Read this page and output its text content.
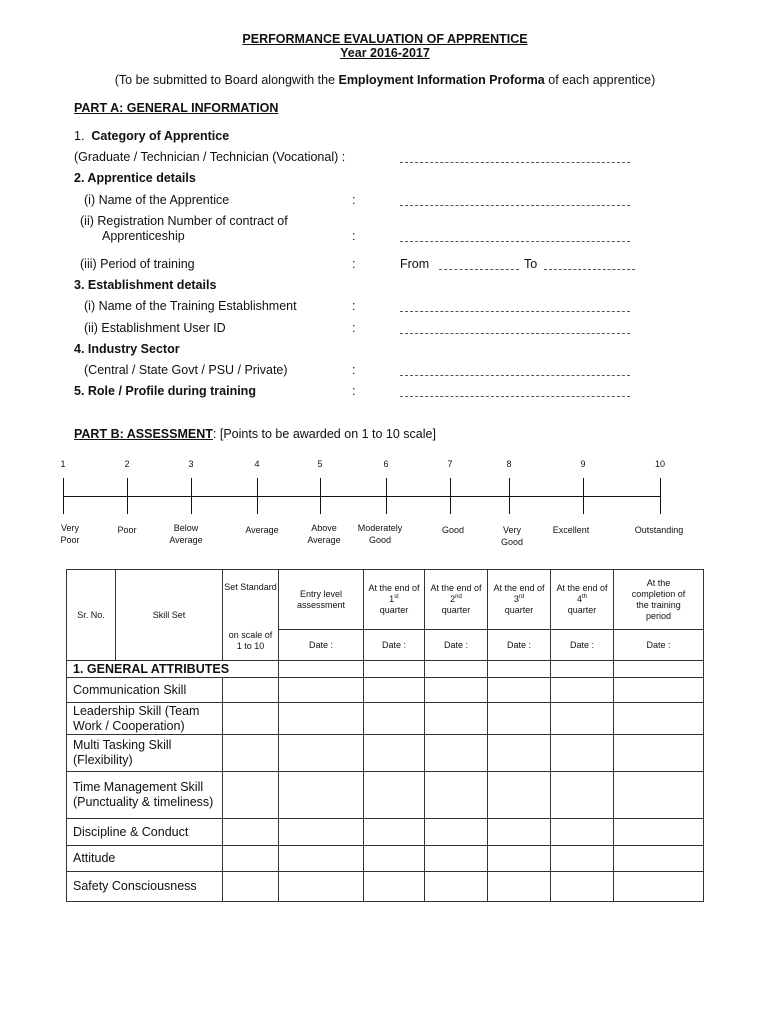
PERFORMANCE EVALUATION OF APPRENTICE
Year 2016-2017
(To be submitted to Board alongwith the Employment Information Proforma of each apprentice)
PART A: GENERAL INFORMATION
1. Category of Apprentice
(Graduate / Technician / Technician (Vocational) :
2. Apprentice details
(i) Name of the Apprentice	:
(ii) Registration Number of contract of
Apprenticeship	:
(iii) Period of training	:	From	To
3. Establishment details
(i) Name of the Training Establishment	:
(ii) Establishment User ID	:
4. Industry Sector
(Central / State Govt / PSU / Private)	:
5. Role / Profile during training	:
PART B: ASSESSMENT: [Points to be awarded on 1 to 10 scale]
1
Very
Poor
2
Poor
3
Below
Average
4
Average
5
Above
Average
6
Moderately
Good
7
Good
8
Very
Good
9
Excellent
10
Outstanding
Sr. No.	Skill Set	Set Standard	Entry level assessment	At the end of 1st
quarter	At the end of 2nd
quarter	At the end of 3rd
quarter	At the end of 4th
quarter	At the completion of the training period
		on scale of 1 to 10	Date :	Date :	Date :	Date :	Date :	Date :
1. GENERAL ATTRIBUTES								
Communication Skill								
Leadership Skill (Team Work / Cooperation)								
Multi Tasking Skill (Flexibility)								
Time Management Skill (Punctuality & timeliness)								
Discipline & Conduct								
Attitude								
Safety Consciousness								
